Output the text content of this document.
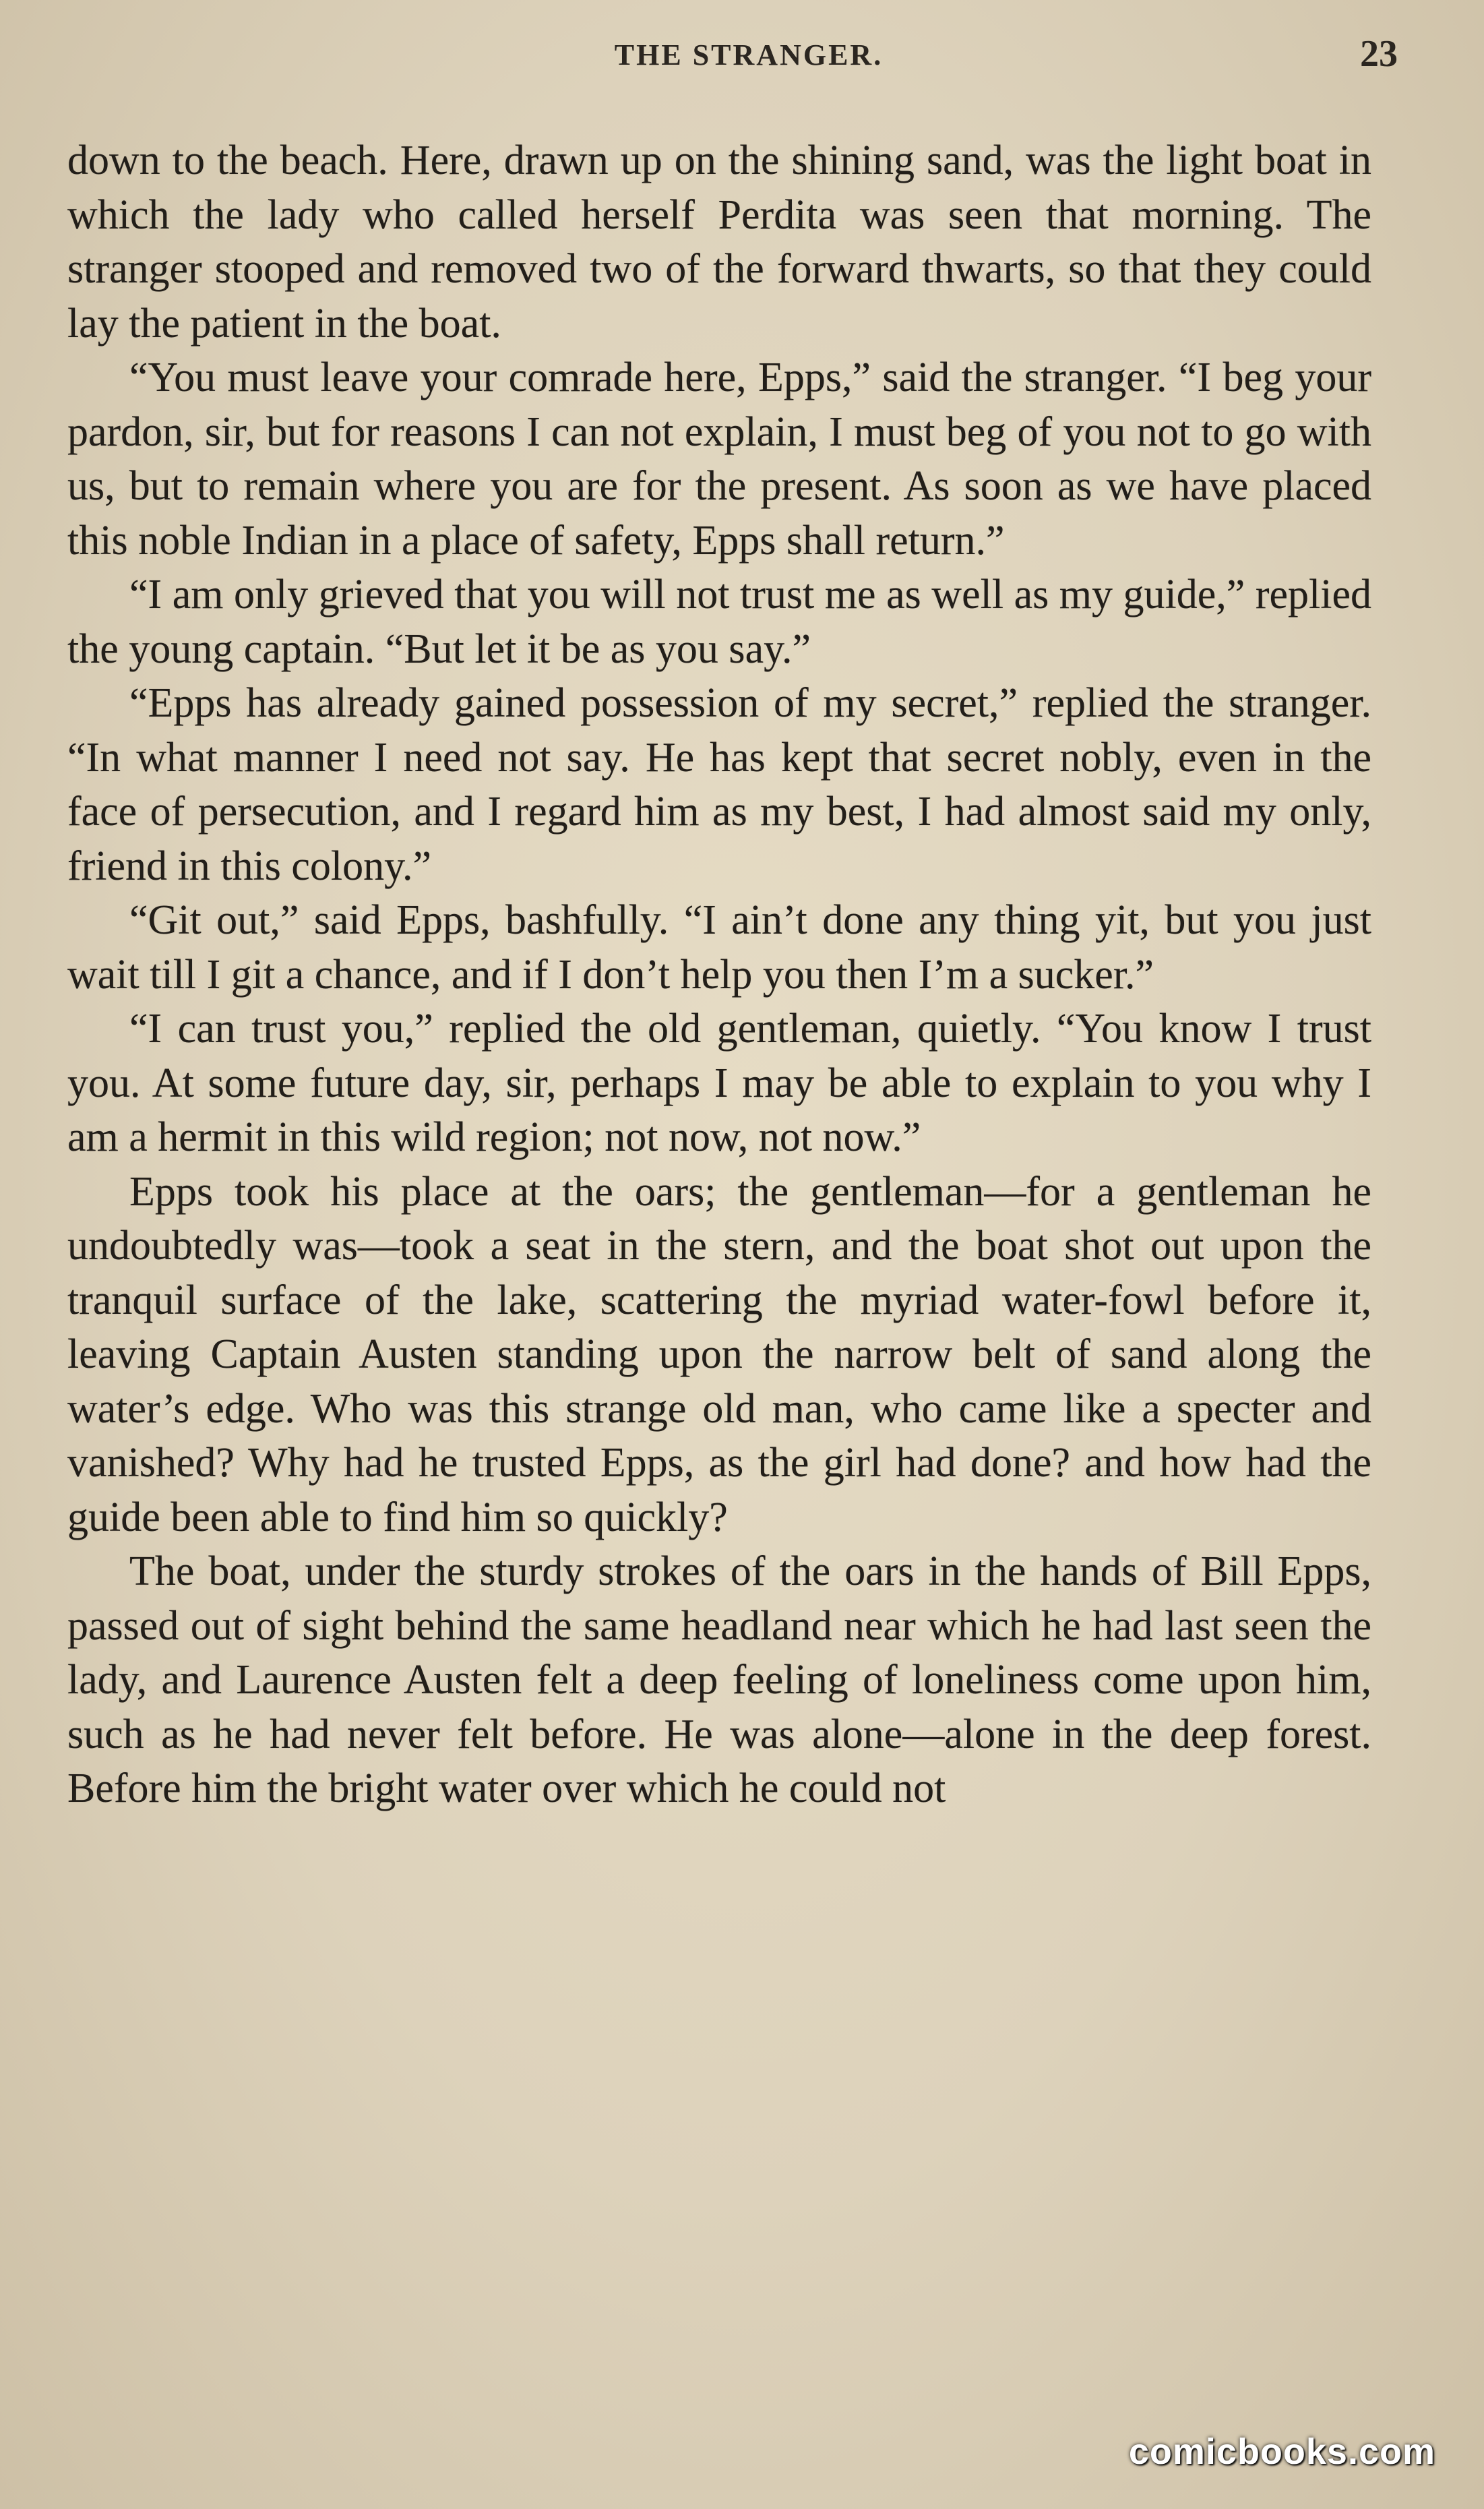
THE STRANGER.	23

down to the beach. Here, drawn up on the shining sand, was the light boat in which the lady who called herself Perdita was seen that morning. The stranger stooped and removed two of the forward thwarts, so that they could lay the patient in the boat.

“You must leave your comrade here, Epps,” said the stranger. “I beg your pardon, sir, but for reasons I can not explain, I must beg of you not to go with us, but to remain where you are for the present. As soon as we have placed this noble Indian in a place of safety, Epps shall return.”

“I am only grieved that you will not trust me as well as my guide,” replied the young captain. “But let it be as you say.”

“Epps has already gained possession of my secret,” replied the stranger. “In what manner I need not say. He has kept that secret nobly, even in the face of persecution, and I regard him as my best, I had almost said my only, friend in this colony.”

“Git out,” said Epps, bashfully. “I ain’t done any thing yit, but you just wait till I git a chance, and if I don’t help you then I’m a sucker.”

“I can trust you,” replied the old gentleman, quietly. “You know I trust you. At some future day, sir, perhaps I may be able to explain to you why I am a hermit in this wild region; not now, not now.”

Epps took his place at the oars; the gentleman—for a gentleman he undoubtedly was—took a seat in the stern, and the boat shot out upon the tranquil surface of the lake, scattering the myriad water-fowl before it, leaving Captain Austen standing upon the narrow belt of sand along the water’s edge. Who was this strange old man, who came like a specter and vanished? Why had he trusted Epps, as the girl had done? and how had the guide been able to find him so quickly?

The boat, under the sturdy strokes of the oars in the hands of Bill Epps, passed out of sight behind the same headland near which he had last seen the lady, and Laurence Austen felt a deep feeling of loneliness come upon him, such as he had never felt before. He was alone—alone in the deep forest. Before him the bright water over which he could not

comicbooks.com
